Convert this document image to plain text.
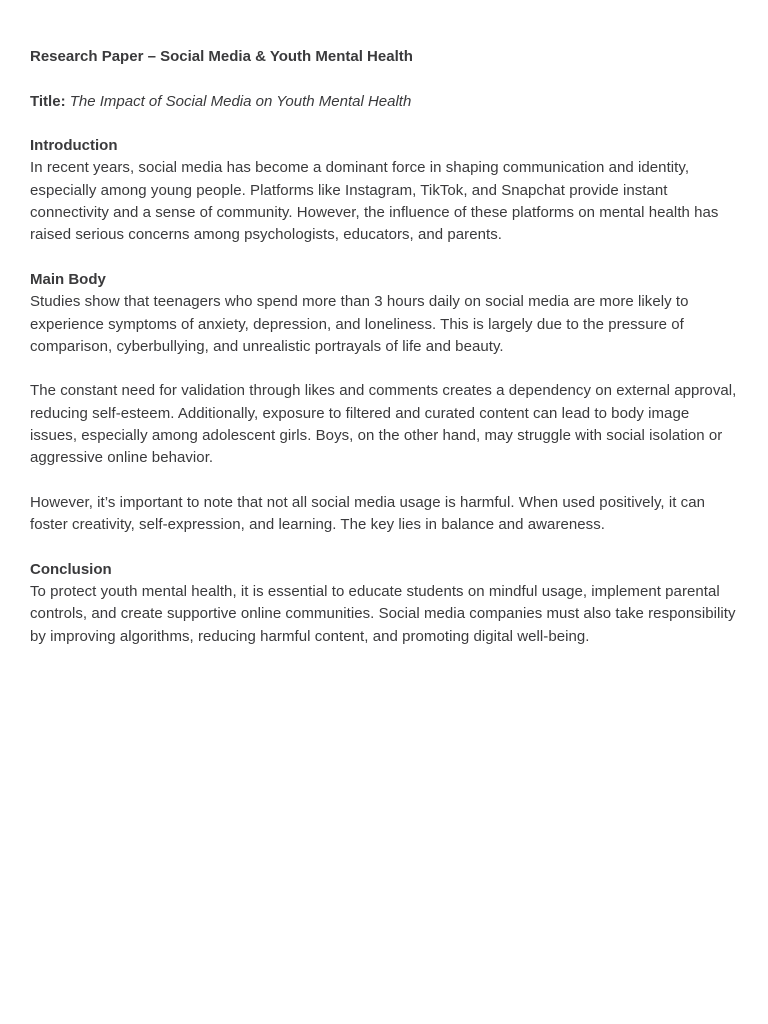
Research Paper – Social Media & Youth Mental Health

Title: The Impact of Social Media on Youth Mental Health

Introduction

In recent years, social media has become a dominant force in shaping communication and identity, especially among young people. Platforms like Instagram, TikTok, and Snapchat provide instant connectivity and a sense of community. However, the influence of these platforms on mental health has raised serious concerns among psychologists, educators, and parents.

Main Body

Studies show that teenagers who spend more than 3 hours daily on social media are more likely to experience symptoms of anxiety, depression, and loneliness. This is largely due to the pressure of comparison, cyberbullying, and unrealistic portrayals of life and beauty.

The constant need for validation through likes and comments creates a dependency on external approval, reducing self-esteem. Additionally, exposure to filtered and curated content can lead to body image issues, especially among adolescent girls. Boys, on the other hand, may struggle with social isolation or aggressive online behavior.

However, it’s important to note that not all social media usage is harmful. When used positively, it can foster creativity, self-expression, and learning. The key lies in balance and awareness.

Conclusion

To protect youth mental health, it is essential to educate students on mindful usage, implement parental controls, and create supportive online communities. Social media companies must also take responsibility by improving algorithms, reducing harmful content, and promoting digital well-being.
